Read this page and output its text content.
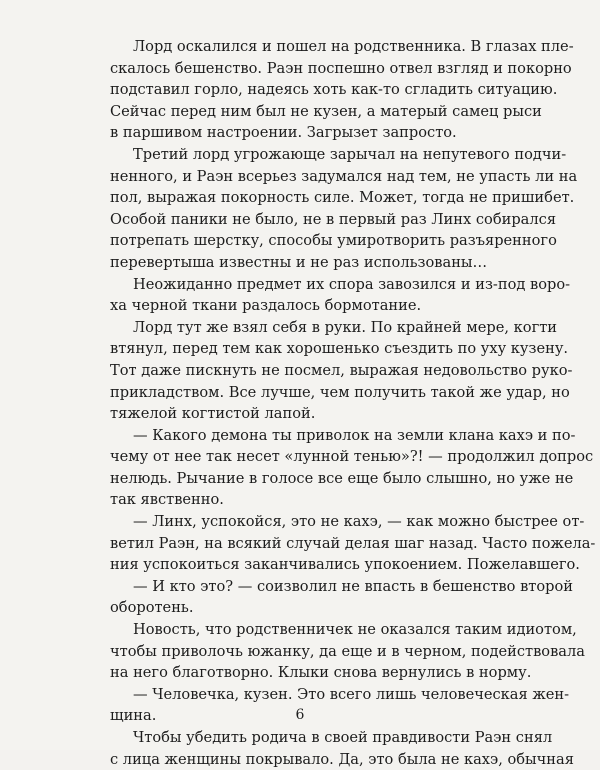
Лорд оскалился и пошел на родственника. В глазах пле-
скалось бешенство. Раэн поспешно отвел взгляд и покорно
подставил горло, надеясь хоть как-то сгладить ситуацию.
Сейчас перед ним был не кузен, а матерый самец рыси
в паршивом настроении. Загрызет запросто.
Третий лорд угрожающе зарычал на непутевого подчи-
ненного, и Раэн всерьез задумался над тем, не упасть ли на
пол, выражая покорность силе. Может, тогда не пришибет.
Особой паники не было, не в первый раз Линх собирался
потрепать шерстку, способы умиротворить разъяренного
перевертыша известны и не раз использованы…
Неожиданно предмет их спора завозился и из-под воро-
ха черной ткани раздалось бормотание.
Лорд тут же взял себя в руки. По крайней мере, когти
втянул, перед тем как хорошенько съездить по уху кузену.
Тот даже пискнуть не посмел, выражая недовольство руко-
прикладством. Все лучше, чем получить такой же удар, но
тяжелой когтистой лапой.
— Какого демона ты приволок на земли клана кахэ и по-
чему от нее так несет «лунной тенью»?! — продолжил допрос
нелюдь. Рычание в голосе все еще было слышно, но уже не
так явственно.
— Линх, успокойся, это не кахэ, — как можно быстрее от-
ветил Раэн, на всякий случай делая шаг назад. Часто пожела-
ния успокоиться заканчивались упокоением. Пожелавшего.
— И кто это? — соизволил не впасть в бешенство второй
оборотень.
Новость, что родственничек не оказался таким идиотом,
чтобы приволочь южанку, да еще и в черном, подействовала
на него благотворно. Клыки снова вернулись в норму.
— Человечка, кузен. Это всего лишь человеческая жен-
щина.
Чтобы убедить родича в своей правдивости Раэн снял
с лица женщины покрывало. Да, это была не кахэ, обычная
6
